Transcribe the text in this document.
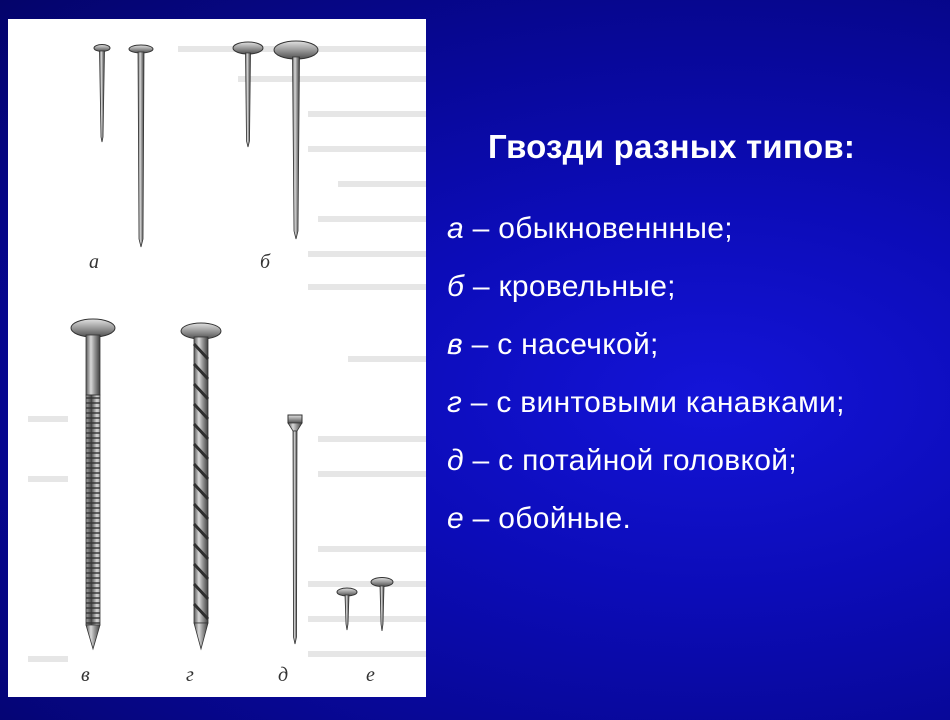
а	б
в	г	д	е
Гвозди разных типов:
а – обыкновеннные;
б – кровельные;
в – с насечкой;
г – с винтовыми канавками;
д – с потайной головкой;
е – обойные.
